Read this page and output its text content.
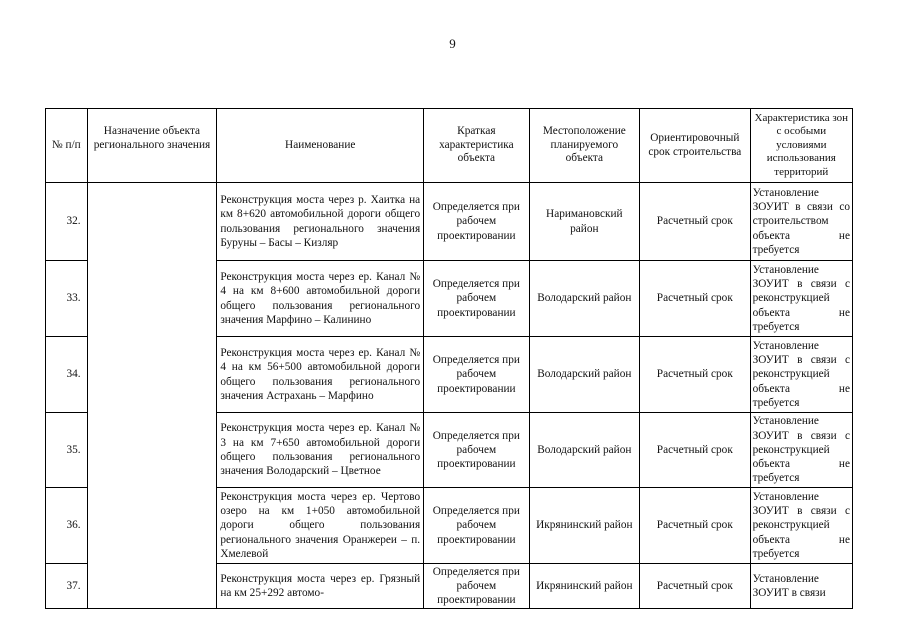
9
№ п/п	Назначение объекта регионального значения	Наименование	Краткая характеристика объекта	Местоположение планируемого объекта	Ориентировочный срок строительства	Характеристика зон с особыми условиями использования территорий
32.		Реконструкция моста через р. Хаитка на км 8+620 автомобильной дороги общего пользования регионального значения Буруны – Басы – Кизляр	Определяется при рабочем проектировании	Наримановский район	Расчетный срок	Установление ЗОУИТ в связи со строительством объекта не требуется
33.		Реконструкция моста через ер. Канал № 4 на км 8+600 автомобильной дороги общего пользования регионального значения Марфино – Калинино	Определяется при рабочем проектировании	Володарский район	Расчетный срок	Установление ЗОУИТ в связи с реконструкцией объекта не требуется
34.		Реконструкция моста через ер. Канал № 4 на км 56+500 автомобильной дороги общего пользования регионального значения Астрахань – Марфино	Определяется при рабочем проектировании	Володарский район	Расчетный срок	Установление ЗОУИТ в связи с реконструкцией объекта не требуется
35.		Реконструкция моста через ер. Канал № 3 на км 7+650 автомобильной дороги общего пользования регионального значения Володарский – Цветное	Определяется при рабочем проектировании	Володарский район	Расчетный срок	Установление ЗОУИТ в связи с реконструкцией объекта не требуется
36.		Реконструкция моста через ер. Чертово озеро на км 1+050 автомобильной дороги общего пользования регионального значения Оранжереи – п. Хмелевой	Определяется при рабочем проектировании	Икрянинский район	Расчетный срок	Установление ЗОУИТ в связи с реконструкцией объекта не требуется
37.		Реконструкция моста через ер. Грязный на км 25+292 автомо-	Определяется при рабочем проектировании	Икрянинский район	Расчетный срок	Установление ЗОУИТ в связи
